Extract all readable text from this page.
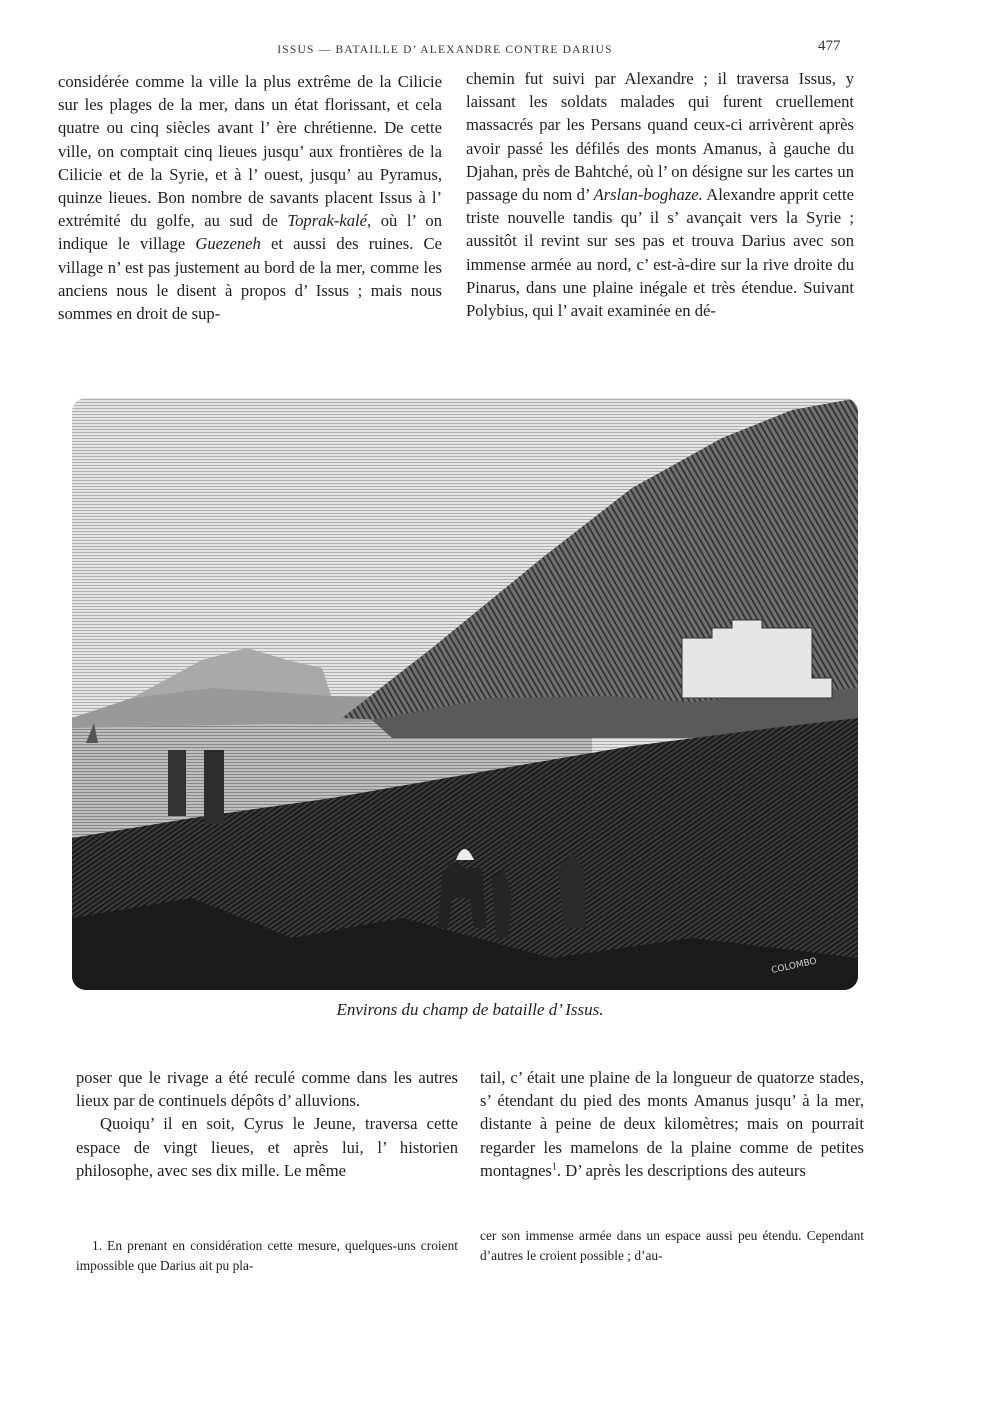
ISSUS — BATAILLE D’ ALEXANDRE CONTRE DARIUS	477

considérée comme la ville la plus extrême de la Cilicie sur les plages de la mer, dans un état florissant, et cela quatre ou cinq siècles avant l’ ère chrétienne. De cette ville, on comptait cinq lieues jusqu’ aux frontières de la Cilicie et de la Syrie, et à l’ ouest, jusqu’ au Pyramus, quinze lieues. Bon nombre de savants placent Issus à l’ extrémité du golfe, au sud de Toprak-kalé, où l’ on indique le village Guezeneh et aussi des ruines. Ce village n’ est pas justement au bord de la mer, comme les anciens nous le disent à propos d’ Issus ; mais nous sommes en droit de sup-

chemin fut suivi par Alexandre ; il traversa Issus, y laissant les soldats malades qui furent cruellement massacrés par les Persans quand ceux-ci arrivèrent après avoir passé les défilés des monts Amanus, à gauche du Djahan, près de Bahtché, où l’ on désigne sur les cartes un passage du nom d’ Arslan-boghaze. Alexandre apprit cette triste nouvelle tandis qu’ il s’ avançait vers la Syrie ; aussitôt il revint sur ses pas et trouva Darius avec son immense armée au nord, c’ est-à-dire sur la rive droite du Pinarus, dans une plaine inégale et très étendue. Suivant Polybius, qui l’ avait examinée en dé-

COLOMBO
Environs du champ de bataille d’ Issus.

poser que le rivage a été reculé comme dans les autres lieux par de continuels dépôts d’ alluvions.

Quoiqu’ il en soit, Cyrus le Jeune, traversa cette espace de vingt lieues, et après lui, l’ historien philosophe, avec ses dix mille. Le même

tail, c’ était une plaine de la longueur de quatorze stades, s’ étendant du pied des monts Amanus jusqu’ à la mer, distante à peine de deux kilomètres; mais on pourrait regarder les mamelons de la plaine comme de petites montagnes$^1$. D’ après les descriptions des auteurs

1. En prenant en considération cette mesure, quelques-uns croient impossible que Darius ait pu pla-

cer son immense armée dans un espace aussi peu étendu. Cependant d’autres le croient possible ; d’au-
